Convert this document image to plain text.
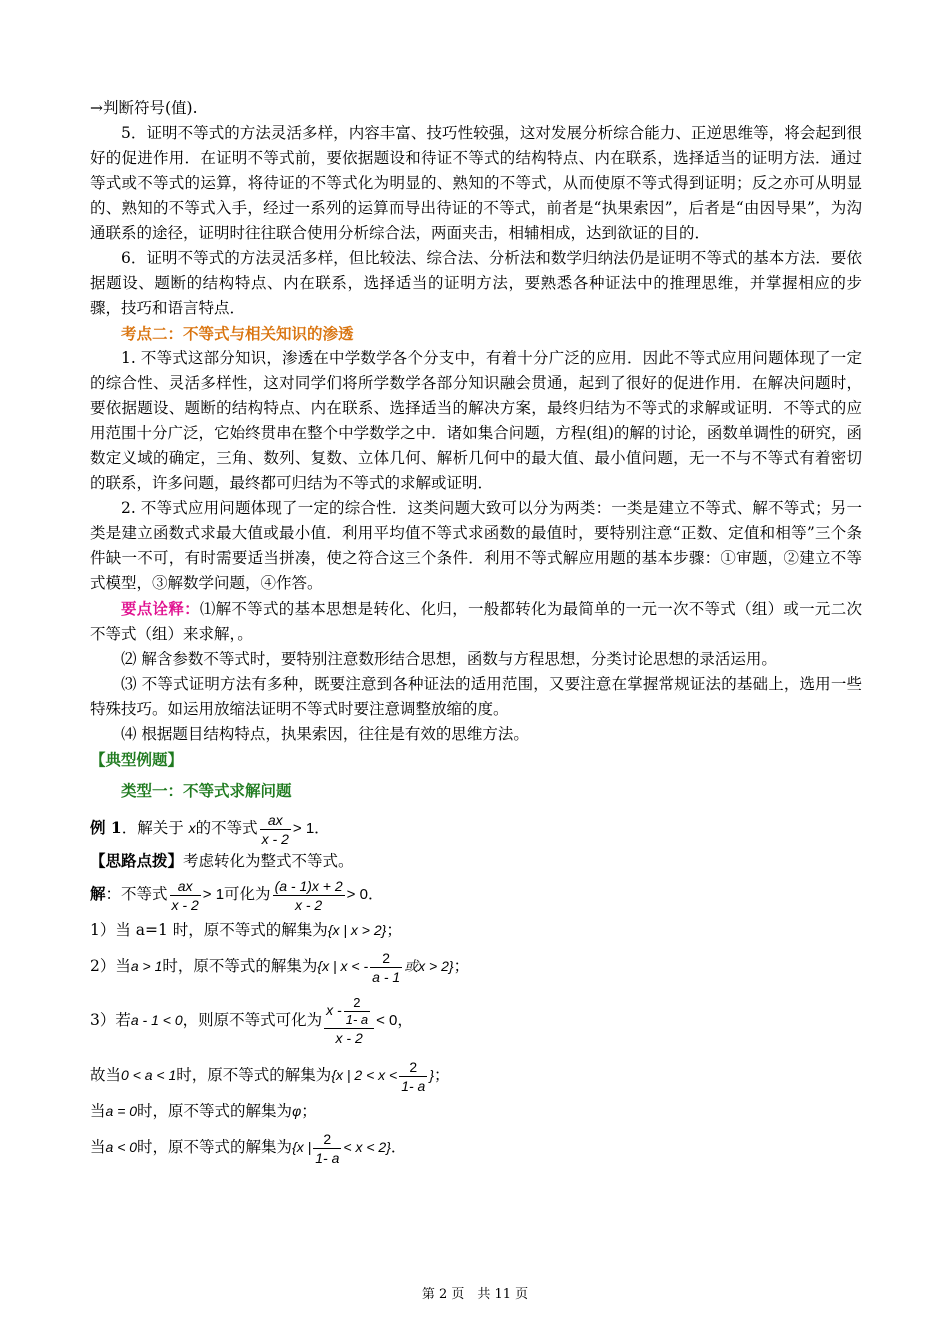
→判断符号(值).

5．证明不等式的方法灵活多样，内容丰富、技巧性较强，这对发展分析综合能力、正逆思维等，将会起到很好的促进作用．在证明不等式前，要依据题设和待证不等式的结构特点、内在联系，选择适当的证明方法．通过等式或不等式的运算，将待证的不等式化为明显的、熟知的不等式，从而使原不等式得到证明；反之亦可从明显的、熟知的不等式入手，经过一系列的运算而导出待证的不等式，前者是“执果索因”，后者是“由因导果”，为沟通联系的途径，证明时往往联合使用分析综合法，两面夹击，相辅相成，达到欲证的目的．

6．证明不等式的方法灵活多样，但比较法、综合法、分析法和数学归纳法仍是证明不等式的基本方法．要依据题设、题断的结构特点、内在联系，选择适当的证明方法，要熟悉各种证法中的推理思维，并掌握相应的步骤，技巧和语言特点．

考点二：不等式与相关知识的渗透

1. 不等式这部分知识，渗透在中学数学各个分支中，有着十分广泛的应用．因此不等式应用问题体现了一定的综合性、灵活多样性，这对同学们将所学数学各部分知识融会贯通，起到了很好的促进作用．在解决问题时，要依据题设、题断的结构特点、内在联系、选择适当的解决方案，最终归结为不等式的求解或证明．不等式的应用范围十分广泛，它始终贯串在整个中学数学之中．诸如集合问题，方程(组)的解的讨论，函数单调性的研究，函数定义域的确定，三角、数列、复数、立体几何、解析几何中的最大值、最小值问题，无一不与不等式有着密切的联系，许多问题，最终都可归结为不等式的求解或证明．

2. 不等式应用问题体现了一定的综合性．这类问题大致可以分为两类：一类是建立不等式、解不等式；另一类是建立函数式求最大值或最小值．利用平均值不等式求函数的最值时，要特别注意“正数、定值和相等”三个条件缺一不可，有时需要适当拼凑，使之符合这三个条件．利用不等式解应用题的基本步骤：①审题，②建立不等式模型，③解数学问题，④作答。

要点诠释：⑴解不等式的基本思想是转化、化归，一般都转化为最简单的一元一次不等式（组）或一元二次不等式（组）来求解，。

⑵ 解含参数不等式时，要特别注意数形结合思想，函数与方程思想，分类讨论思想的录活运用。

⑶ 不等式证明方法有多种，既要注意到各种证法的适用范围，又要注意在掌握常规证法的基础上，选用一些特殊技巧。如运用放缩法证明不等式时要注意调整放缩的度。

⑷ 根据题目结构特点，执果索因，往往是有效的思维方法。

【典型例题】

类型一：不等式求解问题

例 1．解关于 x的不等式 $\frac{ax}{x - 2} > 1$．

【思路点拨】考虑转化为整式不等式。

解：不等式 $\frac{ax}{x - 2} > 1$可化为 $\frac{(a - 1)x + 2}{x - 2} > 0$．

1）当 a=1 时，原不等式的解集为{x | x > 2}；

2）当a > 1时，原不等式的解集为{x | x < - $\frac{2}{a - 1}$ 或x > 2}；

3）若a - 1 < 0，则原不等式可化为 $\frac{x - \frac{2}{1- a}}{x - 2} < 0$，

故当0 < a < 1时，原不等式的解集为{x | $2 < x < \frac{2}{1- a}$ }；

当a = 0时，原不等式的解集为φ；

当a < 0时，原不等式的解集为{x | $\frac{2}{1- a} < x < 2$}．

第 2 页　共 11 页
